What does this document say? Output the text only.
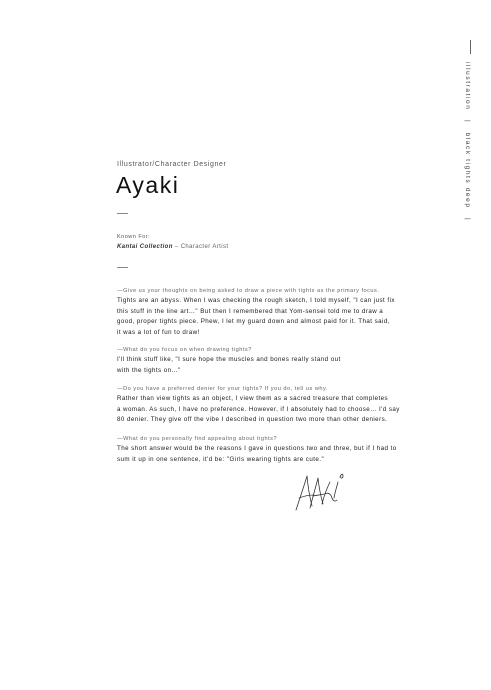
illustration | black tights deep |
Illustrator/Character Designer
Ayaki
Known For:
Kantai Collection – Character Artist
—Give us your thoughts on being asked to draw a piece with tights as the primary focus.
Tights are an abyss. When I was checking the rough sketch, I told myself, "I can just fix
this stuff in the line art…" But then I remembered that Yom-sensei told me to draw a
good, proper tights piece. Phew, I let my guard down and almost paid for it. That said,
it was a lot of fun to draw!
—What do you focus on when drawing tights?
I'll think stuff like, "I sure hope the muscles and bones really stand out
with the tights on…"
—Do you have a preferred denier for your tights? If you do, tell us why.
Rather than view tights as an object, I view them as a sacred treasure that completes
a woman. As such, I have no preference. However, if I absolutely had to choose… I'd say
80 denier. They give off the vibe I described in question two more than other deniers.
—What do you personally find appealing about tights?
The short answer would be the reasons I gave in questions two and three, but if I had to
sum it up in one sentence, it'd be: "Girls wearing tights are cute."
